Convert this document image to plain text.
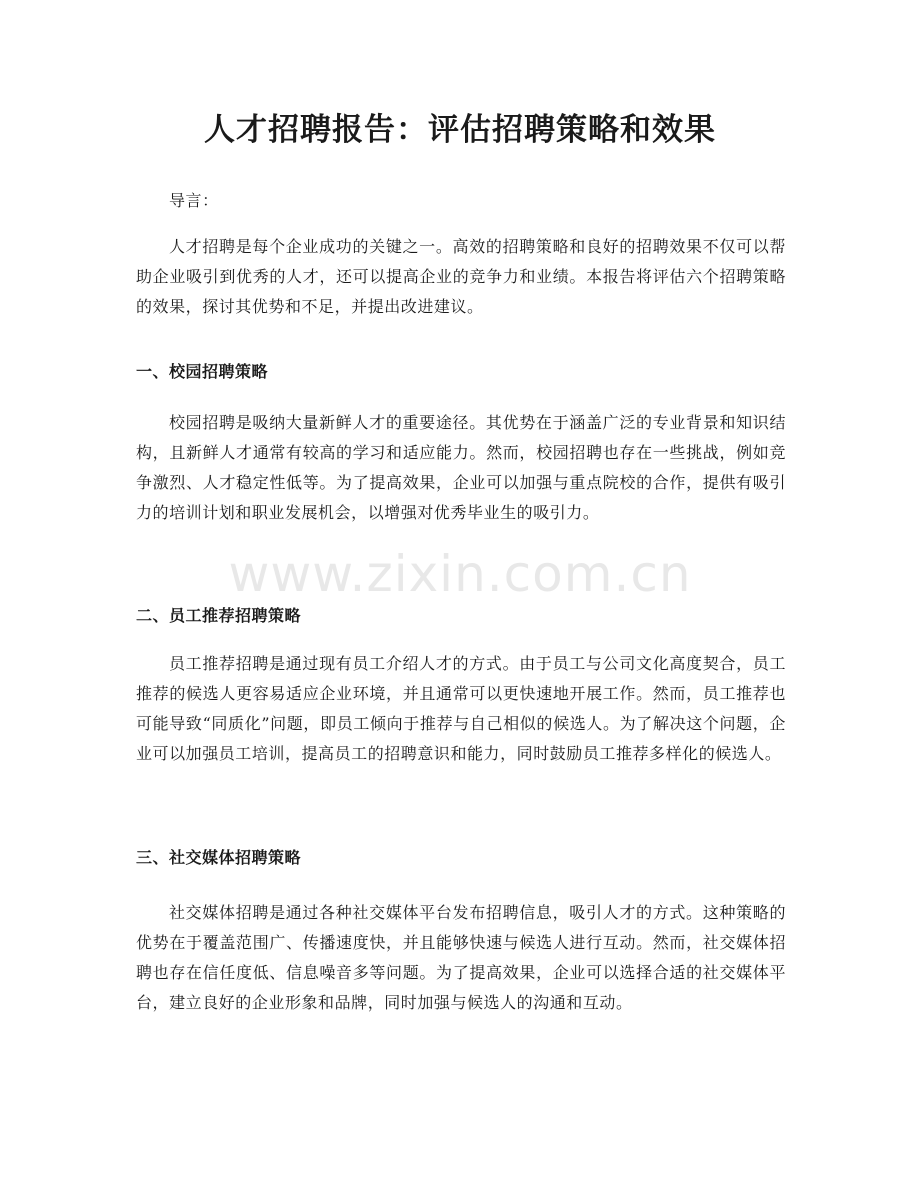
人才招聘报告：评估招聘策略和效果

导言：

人才招聘是每个企业成功的关键之一。高效的招聘策略和良好的招聘效果不仅可以帮助企业吸引到优秀的人才，还可以提高企业的竞争力和业绩。本报告将评估六个招聘策略的效果，探讨其优势和不足，并提出改进建议。

一、校园招聘策略

校园招聘是吸纳大量新鲜人才的重要途径。其优势在于涵盖广泛的专业背景和知识结构，且新鲜人才通常有较高的学习和适应能力。然而，校园招聘也存在一些挑战，例如竞争激烈、人才稳定性低等。为了提高效果，企业可以加强与重点院校的合作，提供有吸引力的培训计划和职业发展机会，以增强对优秀毕业生的吸引力。

二、员工推荐招聘策略

员工推荐招聘是通过现有员工介绍人才的方式。由于员工与公司文化高度契合，员工推荐的候选人更容易适应企业环境，并且通常可以更快速地开展工作。然而，员工推荐也可能导致“同质化”问题，即员工倾向于推荐与自己相似的候选人。为了解决这个问题，企业可以加强员工培训，提高员工的招聘意识和能力，同时鼓励员工推荐多样化的候选人。

三、社交媒体招聘策略

社交媒体招聘是通过各种社交媒体平台发布招聘信息，吸引人才的方式。这种策略的优势在于覆盖范围广、传播速度快，并且能够快速与候选人进行互动。然而，社交媒体招聘也存在信任度低、信息噪音多等问题。为了提高效果，企业可以选择合适的社交媒体平台，建立良好的企业形象和品牌，同时加强与候选人的沟通和互动。

www.zixin.com.cn
